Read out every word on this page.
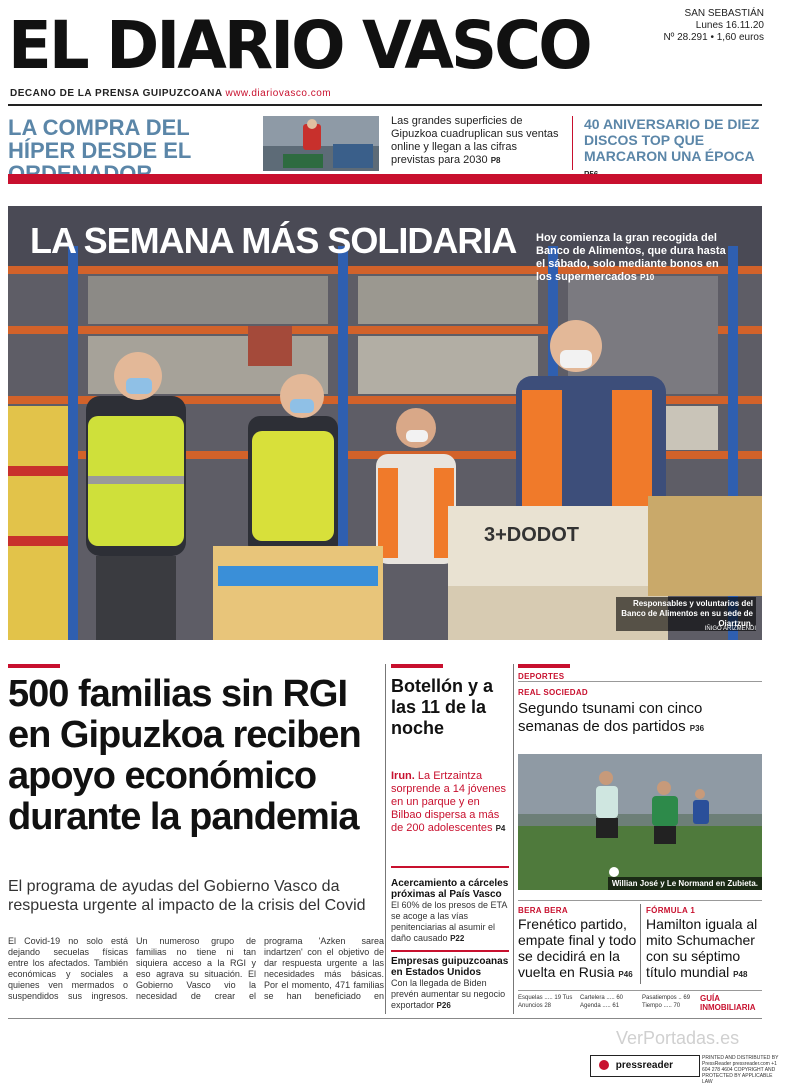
EL DIARIO VASCO	SAN SEBASTIÁN
Lunes 16.11.20
Nº 28.291 • 1,60 euros
DECANO DE LA PRENSA GUIPUZCOANA www.diariovasco.com
LA COMPRA DEL HÍPER DESDE EL
Las grandes superficies de Gipuzkoa cuadruplican sus ventas online y llegan a las cifras previstas para 2030 P8
40 ANIVERSARIO DE DIEZ DISCOS TOP QUE MARCARON UNA ÉPOCA
LA SEMANA MÁS SOLIDARIA Hoy comienza la gran recogida del Banco de Alimentos, que dura hasta el sábado, solo mediante bonos en los supermercados P10
3+DODOT
Responsables y voluntarios del Banco de Alimentos en su sede de Oiartzun.
IÑIGO ARIZMENDI
500 familias sin RGI en Gipuzkoa reciben apoyo económico durante la pandemia
El programa de ayudas del Gobierno Vasco da respuesta urgente al impacto de la crisis del Covid
El Covid-19 no solo está dejando secuelas físicas entre los afectados. También económicas y sociales a quienes ven mermados o suspendidos sus ingresos. Un numeroso grupo de familias no tiene ni tan siquiera acceso a la RGI y eso agrava su situación. El Gobierno Vasco vio la necesidad de crear el programa 'Azken sarea indartzen' con el objetivo de dar respuesta urgente a las necesidades más básicas. Por el momento, 471 familias se han beneficiado en
Botellón y a las 11 de la noche
Irun. La Ertzaintza sorprende a 14 jóvenes en un parque y en Bilbao dispersa a más de 200 adolescentes P4
Acercamiento a cárceles próximas al País Vasco
El 60% de los presos de ETA se acoge a las vías penitenciarias al asumir el daño causado P22
Empresas guipuzcoanas en Estados Unidos
Con la llegada de Biden prevén aumentar su negocio exportador P26
DEPORTES
REAL SOCIEDAD
Segundo tsunami con cinco semanas de dos partidos P36
Willian José y Le Normand en Zubieta.
BERA BERA
Frenético partido, empate final y todo se decidirá en la vuelta en Rusia P46
FÓRMULA 1
Hamilton iguala al mito Schumacher con su séptimo título mundial P48
Esquelas ..... 19 Tus Anuncios 28
Cartelera ..... 60 Agenda ..... 61
Pasatiempos .. 69 Tiempo ..... 70
GUÍA INMOBILIARIA
VerPortadas.es
pressreader
PRINTED AND DISTRIBUTED BY PressReader pressreader.com +1 604 278 4604 COPYRIGHT AND PROTECTED BY APPLICABLE LAW
